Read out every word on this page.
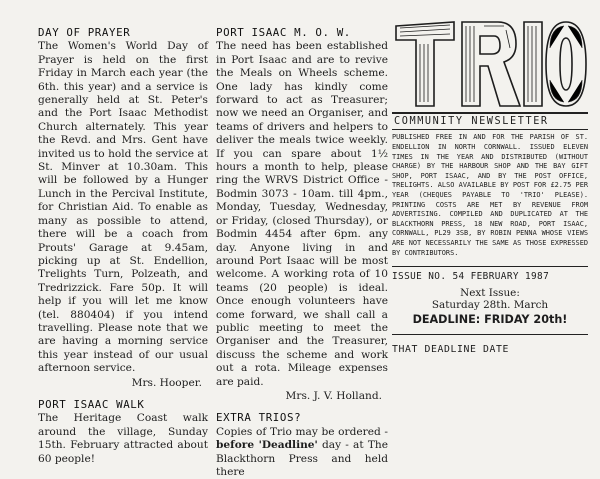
DAY OF PRAYER

The Women's World Day of Prayer is held on the first Friday in March each year (the 6th. this year) and a service is generally held at St. Peter's and the Port Isaac Methodist Church alternately. This year the Revd. and Mrs. Gent have invited us to hold the service at St. Minver at 10.30am. This will be followed by a Hunger Lunch in the Percival Institute, for Christian Aid. To enable as many as possible to attend, there will be a coach from Prouts' Garage at 9.45am, picking up at St. Endellion, Trelights Turn, Polzeath, and Tredrizzick. Fare 50p. It will help if you will let me know (tel. 880404) if you intend travelling. Please note that we are having a morning service this year instead of our usual afternoon service.

Mrs. Hooper.
PORT ISAAC WALK

The Heritage Coast walk around the village, Sunday 15th. February attracted about 60 people!

PORT ISAAC M. O. W.

The need has been established in Port Isaac and are to revive the Meals on Wheels scheme. One lady has kindly come forward to act as Treasurer; now we need an Organiser, and teams of drivers and helpers to deliver the meals twice weekly. If you can spare about 1½ hours a month to help, please ring the WRVS District Office - Bodmin 3073 - 10am. till 4pm., Monday, Tuesday, Wednesday, or Friday, (closed Thursday), or Bodmin 4454 after 6pm. any day. Anyone living in and around Port Isaac will be most welcome. A working rota of 10 teams (20 people) is ideal. Once enough volunteers have come forward, we shall call a public meeting to meet the Organiser and the Treasurer, discuss the scheme and work out a rota. Mileage expenses are paid.

Mrs. J. V. Holland.
EXTRA TRIOS?

Copies of Trio may be ordered - before 'Deadline' day - at The Blackthorn Press and held there

COMMUNITY NEWSLETTER
PUBLISHED FREE IN AND FOR THE PARISH OF ST. ENDELLION IN NORTH CORNWALL. ISSUED ELEVEN TIMES IN THE YEAR AND DISTRIBUTED (WITHOUT CHARGE) BY THE HARBOUR SHOP AND THE BAY GIFT SHOP, PORT ISAAC, AND BY THE POST OFFICE, TRELIGHTS. ALSO AVAILABLE BY POST FOR £2.75 PER YEAR (CHEQUES PAYABLE TO 'TRIO' PLEASE). PRINTING COSTS ARE MET BY REVENUE FROM ADVERTISING. COMPILED AND DUPLICATED AT THE BLACKTHORN PRESS, 18 NEW ROAD, PORT ISAAC, CORNWALL, PL29 3SB, BY ROBIN PENNA WHOSE VIEWS ARE NOT NECESSARILY THE SAME AS THOSE EXPRESSED BY CONTRIBUTORS.
ISSUE NO. 54 FEBRUARY 1987
Next Issue:
Saturday 28th. March
DEADLINE: FRIDAY 20th!
THAT DEADLINE DATE
